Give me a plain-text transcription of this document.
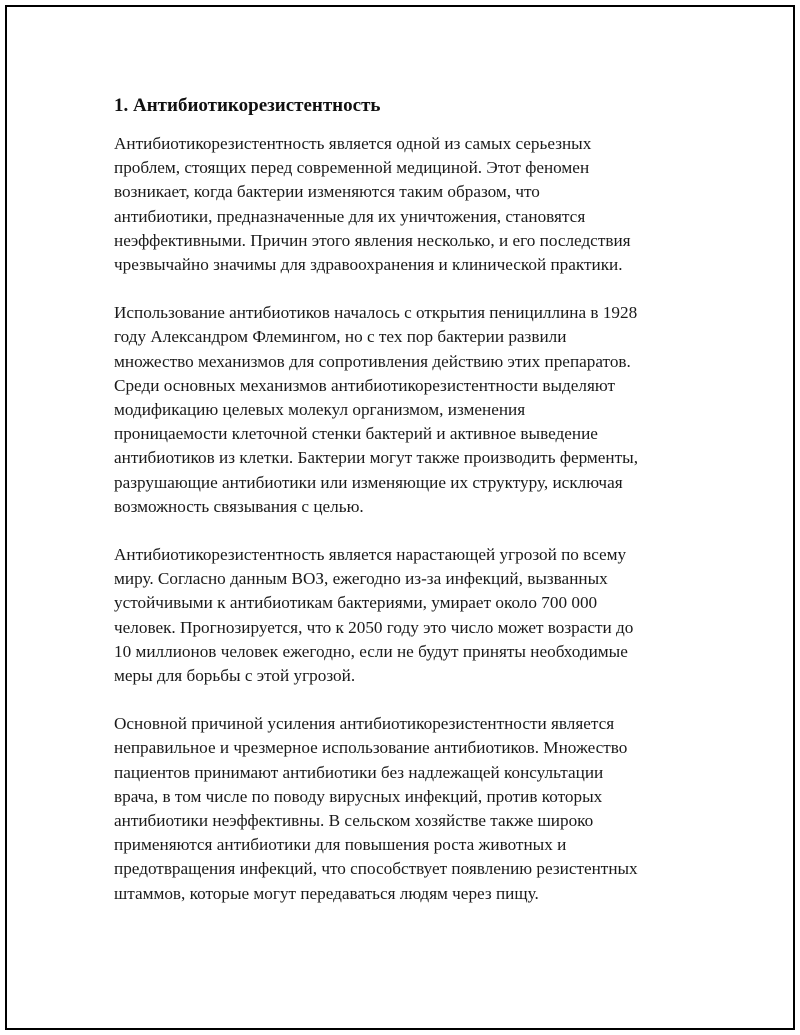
1. Антибиотикорезистентность

Антибиотикорезистентность является одной из самых серьезных
проблем, стоящих перед современной медициной. Этот феномен
возникает, когда бактерии изменяются таким образом, что
антибиотики, предназначенные для их уничтожения, становятся
неэффективными. Причин этого явления несколько, и его последствия
чрезвычайно значимы для здравоохранения и клинической практики.

Использование антибиотиков началось с открытия пенициллина в 1928
году Александром Флемингом, но с тех пор бактерии развили
множество механизмов для сопротивления действию этих препаратов.
Среди основных механизмов антибиотикорезистентности выделяют
модификацию целевых молекул организмом, изменения
проницаемости клеточной стенки бактерий и активное выведение
антибиотиков из клетки. Бактерии могут также производить ферменты,
разрушающие антибиотики или изменяющие их структуру, исключая
возможность связывания с целью.

Антибиотикорезистентность является нарастающей угрозой по всему
миру. Согласно данным ВОЗ, ежегодно из-за инфекций, вызванных
устойчивыми к антибиотикам бактериями, умирает около 700 000
человек. Прогнозируется, что к 2050 году это число может возрасти до
10 миллионов человек ежегодно, если не будут приняты необходимые
меры для борьбы с этой угрозой.

Основной причиной усиления антибиотикорезистентности является
неправильное и чрезмерное использование антибиотиков. Множество
пациентов принимают антибиотики без надлежащей консультации
врача, в том числе по поводу вирусных инфекций, против которых
антибиотики неэффективны. В сельском хозяйстве также широко
применяются антибиотики для повышения роста животных и
предотвращения инфекций, что способствует появлению резистентных
штаммов, которые могут передаваться людям через пищу.
